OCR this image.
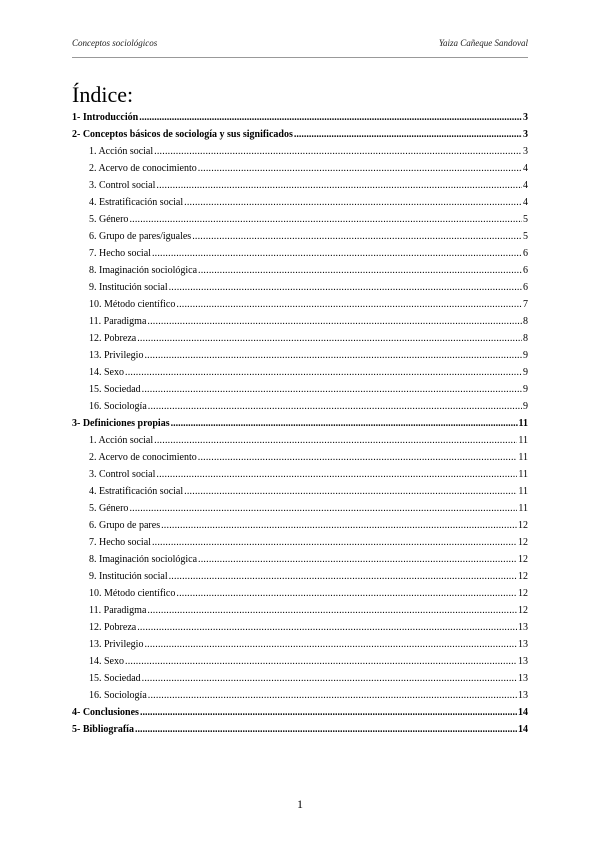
Conceptos sociológicos	Yaiza Cañeque Sandoval
Índice:
1- Introducción .....	3
2- Conceptos básicos de sociología y sus significados .....	3
1. Acción social .....	3
2. Acervo de conocimiento .....	4
3. Control social .....	4
4. Estratificación social .....	4
5. Género .....	5
6. Grupo de pares/iguales .....	5
7. Hecho social .....	6
8. Imaginación sociológica .....	6
9. Institución social .....	6
10. Método científico .....	7
11. Paradigma .....	8
12. Pobreza .....	8
13. Privilegio .....	9
14. Sexo .....	9
15. Sociedad .....	9
16. Sociología .....	9
3- Definiciones propias .....	11
1. Acción social .....	11
2. Acervo de conocimiento .....	11
3. Control social .....	11
4. Estratificación social .....	11
5. Género .....	11
6. Grupo de pares .....	12
7. Hecho social .....	12
8. Imaginación sociológica .....	12
9. Institución social .....	12
10. Método científico .....	12
11. Paradigma .....	12
12. Pobreza .....	13
13. Privilegio .....	13
14. Sexo .....	13
15. Sociedad .....	13
16. Sociología .....	13
4- Conclusiones .....	14
5- Bibliografía .....	14
1
